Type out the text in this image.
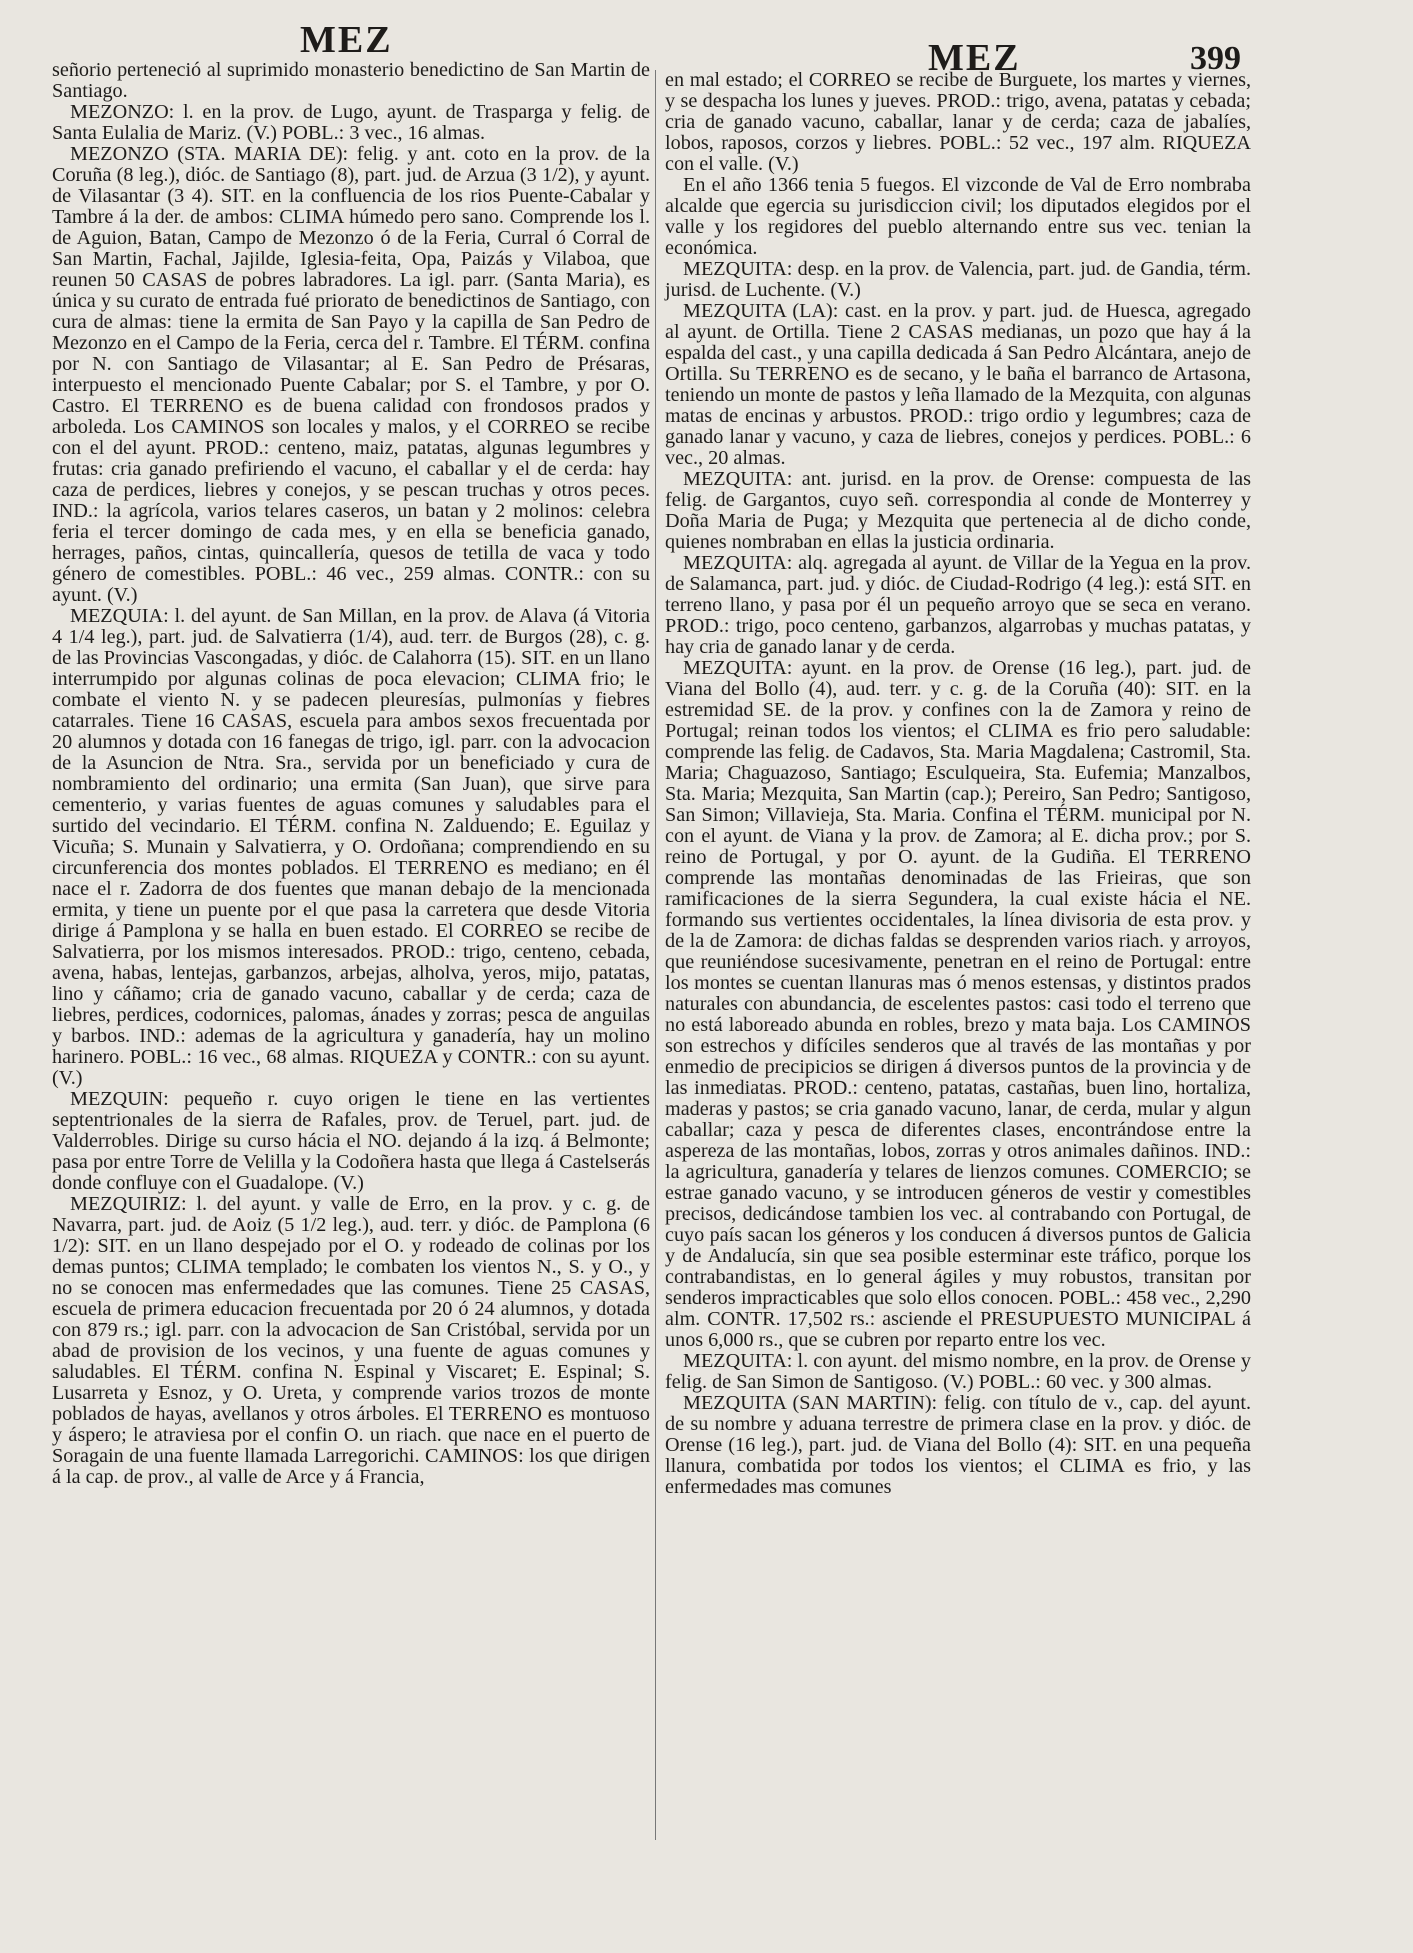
MEZ	MEZ	399

señorio perteneció al suprimido monasterio benedictino de San Martin de Santiago.

MEZONZO: l. en la prov. de Lugo, ayunt. de Trasparga y felig. de Santa Eulalia de Mariz. (V.) POBL.: 3 vec., 16 almas.

MEZONZO (STA. MARIA DE): felig. y ant. coto en la prov. de la Coruña (8 leg.), dióc. de Santiago (8), part. jud. de Arzua (3 1/2), y ayunt. de Vilasantar (3 4). SIT. en la confluencia de los rios Puente-Cabalar y Tambre á la der. de ambos: CLIMA húmedo pero sano. Comprende los l. de Aguion, Batan, Campo de Mezonzo ó de la Feria, Curral ó Corral de San Martin, Fachal, Jajilde, Iglesia-feita, Opa, Paizás y Vilaboa, que reunen 50 CASAS de pobres labradores. La igl. parr. (Santa Maria), es única y su curato de entrada fué priorato de benedictinos de Santiago, con cura de almas: tiene la ermita de San Payo y la capilla de San Pedro de Mezonzo en el Campo de la Feria, cerca del r. Tambre. El TÉRM. confina por N. con Santiago de Vilasantar; al E. San Pedro de Présaras, interpuesto el mencionado Puente Cabalar; por S. el Tambre, y por O. Castro. El TERRENO es de buena calidad con frondosos prados y arboleda. Los CAMINOS son locales y malos, y el CORREO se recibe con el del ayunt. PROD.: centeno, maiz, patatas, algunas legumbres y frutas: cria ganado prefiriendo el vacuno, el caballar y el de cerda: hay caza de perdices, liebres y conejos, y se pescan truchas y otros peces. IND.: la agrícola, varios telares caseros, un batan y 2 molinos: celebra feria el tercer domingo de cada mes, y en ella se beneficia ganado, herrages, paños, cintas, quincallería, quesos de tetilla de vaca y todo género de comestibles. POBL.: 46 vec., 259 almas. CONTR.: con su ayunt. (V.)

MEZQUIA: l. del ayunt. de San Millan, en la prov. de Alava (á Vitoria 4 1/4 leg.), part. jud. de Salvatierra (1/4), aud. terr. de Burgos (28), c. g. de las Provincias Vascongadas, y dióc. de Calahorra (15). SIT. en un llano interrumpido por algunas colinas de poca elevacion; CLIMA frio; le combate el viento N. y se padecen pleuresías, pulmonías y fiebres catarrales. Tiene 16 CASAS, escuela para ambos sexos frecuentada por 20 alumnos y dotada con 16 fanegas de trigo, igl. parr. con la advocacion de la Asuncion de Ntra. Sra., servida por un beneficiado y cura de nombramiento del ordinario; una ermita (San Juan), que sirve para cementerio, y varias fuentes de aguas comunes y saludables para el surtido del vecindario. El TÉRM. confina N. Zalduendo; E. Eguilaz y Vicuña; S. Munain y Salvatierra, y O. Ordoñana; comprendiendo en su circunferencia dos montes poblados. El TERRENO es mediano; en él nace el r. Zadorra de dos fuentes que manan debajo de la mencionada ermita, y tiene un puente por el que pasa la carretera que desde Vitoria dirige á Pamplona y se halla en buen estado. El CORREO se recibe de Salvatierra, por los mismos interesados. PROD.: trigo, centeno, cebada, avena, habas, lentejas, garbanzos, arbejas, alholva, yeros, mijo, patatas, lino y cáñamo; cria de ganado vacuno, caballar y de cerda; caza de liebres, perdices, codornices, palomas, ánades y zorras; pesca de anguilas y barbos. IND.: ademas de la agricultura y ganadería, hay un molino harinero. POBL.: 16 vec., 68 almas. RIQUEZA y CONTR.: con su ayunt. (V.)

MEZQUIN: pequeño r. cuyo origen le tiene en las vertientes septentrionales de la sierra de Rafales, prov. de Teruel, part. jud. de Valderrobles. Dirige su curso hácia el NO. dejando á la izq. á Belmonte; pasa por entre Torre de Velilla y la Codoñera hasta que llega á Castelserás donde confluye con el Guadalope. (V.)

MEZQUIRIZ: l. del ayunt. y valle de Erro, en la prov. y c. g. de Navarra, part. jud. de Aoiz (5 1/2 leg.), aud. terr. y dióc. de Pamplona (6 1/2): SIT. en un llano despejado por el O. y rodeado de colinas por los demas puntos; CLIMA templado; le combaten los vientos N., S. y O., y no se conocen mas enfermedades que las comunes. Tiene 25 CASAS, escuela de primera educacion frecuentada por 20 ó 24 alumnos, y dotada con 879 rs.; igl. parr. con la advocacion de San Cristóbal, servida por un abad de provision de los vecinos, y una fuente de aguas comunes y saludables. El TÉRM. confina N. Espinal y Viscaret; E. Espinal; S. Lusarreta y Esnoz, y O. Ureta, y comprende varios trozos de monte poblados de hayas, avellanos y otros árboles. El TERRENO es montuoso y áspero; le atraviesa por el confin O. un riach. que nace en el puerto de Soragain de una fuente llamada Larregorichi. CAMINOS: los que dirigen á la cap. de prov., al valle de Arce y á Francia,

en mal estado; el CORREO se recibe de Burguete, los martes y viernes, y se despacha los lunes y jueves. PROD.: trigo, avena, patatas y cebada; cria de ganado vacuno, caballar, lanar y de cerda; caza de jabalíes, lobos, raposos, corzos y liebres. POBL.: 52 vec., 197 alm. RIQUEZA con el valle. (V.)

En el año 1366 tenia 5 fuegos. El vizconde de Val de Erro nombraba alcalde que egercia su jurisdiccion civil; los diputados elegidos por el valle y los regidores del pueblo alternando entre sus vec. tenian la económica.

MEZQUITA: desp. en la prov. de Valencia, part. jud. de Gandia, térm. jurisd. de Luchente. (V.)

MEZQUITA (LA): cast. en la prov. y part. jud. de Huesca, agregado al ayunt. de Ortilla. Tiene 2 CASAS medianas, un pozo que hay á la espalda del cast., y una capilla dedicada á San Pedro Alcántara, anejo de Ortilla. Su TERRENO es de secano, y le baña el barranco de Artasona, teniendo un monte de pastos y leña llamado de la Mezquita, con algunas matas de encinas y arbustos. PROD.: trigo ordio y legumbres; caza de ganado lanar y vacuno, y caza de liebres, conejos y perdices. POBL.: 6 vec., 20 almas.

MEZQUITA: ant. jurisd. en la prov. de Orense: compuesta de las felig. de Gargantos, cuyo señ. correspondia al conde de Monterrey y Doña Maria de Puga; y Mezquita que pertenecia al de dicho conde, quienes nombraban en ellas la justicia ordinaria.

MEZQUITA: alq. agregada al ayunt. de Villar de la Yegua en la prov. de Salamanca, part. jud. y dióc. de Ciudad-Rodrigo (4 leg.): está SIT. en terreno llano, y pasa por él un pequeño arroyo que se seca en verano. PROD.: trigo, poco centeno, garbanzos, algarrobas y muchas patatas, y hay cria de ganado lanar y de cerda.

MEZQUITA: ayunt. en la prov. de Orense (16 leg.), part. jud. de Viana del Bollo (4), aud. terr. y c. g. de la Coruña (40): SIT. en la estremidad SE. de la prov. y confines con la de Zamora y reino de Portugal; reinan todos los vientos; el CLIMA es frio pero saludable: comprende las felig. de Cadavos, Sta. Maria Magdalena; Castromil, Sta. Maria; Chaguazoso, Santiago; Esculqueira, Sta. Eufemia; Manzalbos, Sta. Maria; Mezquita, San Martin (cap.); Pereiro, San Pedro; Santigoso, San Simon; Villavieja, Sta. Maria. Confina el TÉRM. municipal por N. con el ayunt. de Viana y la prov. de Zamora; al E. dicha prov.; por S. reino de Portugal, y por O. ayunt. de la Gudiña. El TERRENO comprende las montañas denominadas de las Frieiras, que son ramificaciones de la sierra Segundera, la cual existe hácia el NE. formando sus vertientes occidentales, la línea divisoria de esta prov. y de la de Zamora: de dichas faldas se desprenden varios riach. y arroyos, que reuniéndose sucesivamente, penetran en el reino de Portugal: entre los montes se cuentan llanuras mas ó menos estensas, y distintos prados naturales con abundancia, de escelentes pastos: casi todo el terreno que no está laboreado abunda en robles, brezo y mata baja. Los CAMINOS son estrechos y difíciles senderos que al través de las montañas y por enmedio de precipicios se dirigen á diversos puntos de la provincia y de las inmediatas. PROD.: centeno, patatas, castañas, buen lino, hortaliza, maderas y pastos; se cria ganado vacuno, lanar, de cerda, mular y algun caballar; caza y pesca de diferentes clases, encontrándose entre la aspereza de las montañas, lobos, zorras y otros animales dañinos. IND.: la agricultura, ganadería y telares de lienzos comunes. COMERCIO; se estrae ganado vacuno, y se introducen géneros de vestir y comestibles precisos, dedicándose tambien los vec. al contrabando con Portugal, de cuyo país sacan los géneros y los conducen á diversos puntos de Galicia y de Andalucía, sin que sea posible esterminar este tráfico, porque los contrabandistas, en lo general ágiles y muy robustos, transitan por senderos impracticables que solo ellos conocen. POBL.: 458 vec., 2,290 alm. CONTR. 17,502 rs.: asciende el PRESUPUESTO MUNICIPAL á unos 6,000 rs., que se cubren por reparto entre los vec.

MEZQUITA: l. con ayunt. del mismo nombre, en la prov. de Orense y felig. de San Simon de Santigoso. (V.) POBL.: 60 vec. y 300 almas.

MEZQUITA (SAN MARTIN): felig. con título de v., cap. del ayunt. de su nombre y aduana terrestre de primera clase en la prov. y dióc. de Orense (16 leg.), part. jud. de Viana del Bollo (4): SIT. en una pequeña llanura, combatida por todos los vientos; el CLIMA es frio, y las enfermedades mas comunes
